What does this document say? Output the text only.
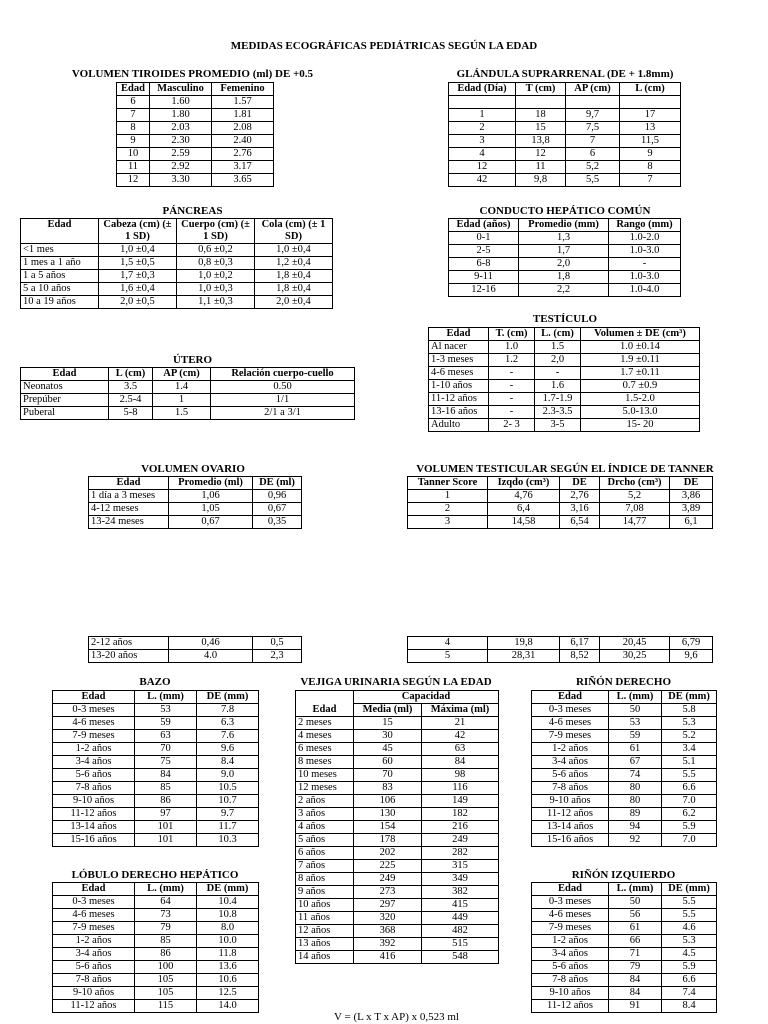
MEDIDAS ECOGRÁFICAS PEDIÁTRICAS SEGÚN LA EDAD
VOLUMEN TIROIDES PROMEDIO (ml) DE +0.5
Edad	Masculino	Femenino
6	1.60	1.57
7	1.80	1.81
8	2.03	2.08
9	2.30	2.40
10	2.59	2.76
11	2.92	3.17
12	3.30	3.65
GLÁNDULA SUPRARRENAL (DE + 1.8mm)
Edad (Día)	T (cm)	AP (cm)	L (cm)

1	18	9,7	17
2	15	7,5	13
3	13,8	7	11,5
4	12	6	9
12	11	5,2	8
42	9,8	5,5	7
PÁNCREAS
Edad	Cabeza (cm) (± 1 SD)	Cuerpo (cm) (± 1 SD)	Cola (cm) (± 1 SD)
<1 mes	1,0 ±0,4	0,6 ±0,2	1,0 ±0,4
1 mes a 1 año	1,5 ±0,5	0,8 ±0,3	1,2 ±0,4
1 a 5 años	1,7 ±0,3	1,0 ±0,2	1,8 ±0,4
5 a 10 años	1,6 ±0,4	1,0 ±0,3	1,8 ±0,4
10 a 19 años	2,0 ±0,5	1,1 ±0,3	2,0 ±0,4
CONDUCTO HEPÁTICO COMÚN
Edad (años)	Promedio (mm)	Rango (mm)
0-1	1,3	1.0-2.0
2-5	1,7	1.0-3.0
6-8	2,0	-
9-11	1,8	1.0-3.0
12-16	2,2	1.0-4.0
TESTÍCULO
Edad	T. (cm)	L. (cm)	Volumen ± DE (cm³)
Al nacer	1.0	1.5	1.0 ±0.14
1-3 meses	1.2	2,0	1.9 ±0.11
4-6 meses	-	-	1.7 ±0.11
1-10 años	-	1.6	0.7 ±0.9
11-12 años	-	1.7-1.9	1.5-2.0
13-16 años	-	2.3-3.5	5.0-13.0
Adulto	2- 3	3-5	15- 20
ÚTERO
Edad	L (cm)	AP (cm)	Relación cuerpo-cuello
Neonatos	3.5	1.4	0.50
Prepúber	2.5-4	1	1/1
Puberal	5-8	1.5	2/1 a 3/1
VOLUMEN OVARIO
Edad	Promedio (ml)	DE (ml)
1 día a 3 meses	1,06	0,96
4-12 meses	1,05	0,67
13-24 meses	0,67	0,35
2-12 años	0,46	0,5
13-20 años	4.0	2,3
VOLUMEN TESTICULAR SEGÚN EL ÍNDICE DE TANNER
Tanner Score	Izqdo (cm³)	DE	Drcho (cm³)	DE
1	4,76	2,76	5,2	3,86
2	6,4	3,16	7,08	3,89
3	14,58	6,54	14,77	6,1
4	19,8	6,17	20,45	6,79
5	28,31	8,52	30,25	9,6
BAZO
Edad	L. (mm)	DE (mm)
0-3 meses	53	7.8
4-6 meses	59	6.3
7-9 meses	63	7.6
1-2 años	70	9.6
3-4 años	75	8.4
5-6 años	84	9.0
7-8 años	85	10.5
9-10 años	86	10.7
11-12 años	97	9.7
13-14 años	101	11.7
15-16 años	101	10.3
VEJIGA URINARIA SEGÚN LA EDAD
	Capacidad	
Edad	Media (ml)	Máxima (ml)
2 meses	15	21
4 meses	30	42
6 meses	45	63
8 meses	60	84
10 meses	70	98
12 meses	83	116
2 años	106	149
3 años	130	182
4 años	154	216
5 años	178	249
6 años	202	282
7 años	225	315
8 años	249	349
9 años	273	382
10 años	297	415
11 años	320	449
12 años	368	482
13 años	392	515
14 años	416	548
V = (L x T x AP) x 0,523 ml
RIÑÓN DERECHO
Edad	L. (mm)	DE (mm)
0-3 meses	50	5.8
4-6 meses	53	5.3
7-9 meses	59	5.2
1-2 años	61	3.4
3-4 años	67	5.1
5-6 años	74	5.5
7-8 años	80	6.6
9-10 años	80	7.0
11-12 años	89	6.2
13-14 años	94	5.9
15-16 años	92	7.0
LÓBULO DERECHO HEPÁTICO
Edad	L. (mm)	DE (mm)
0-3 meses	64	10.4
4-6 meses	73	10.8
7-9 meses	79	8.0
1-2 años	85	10.0
3-4 años	86	11.8
5-6 años	100	13.6
7-8 años	105	10.6
9-10 años	105	12.5
11-12 años	115	14.0
RIÑÓN IZQUIERDO
Edad	L. (mm)	DE (mm)
0-3 meses	50	5.5
4-6 meses	56	5.5
7-9 meses	61	4.6
1-2 años	66	5.3
3-4 años	71	4.5
5-6 años	79	5.9
7-8 años	84	6.6
9-10 años	84	7.4
11-12 años	91	8.4
